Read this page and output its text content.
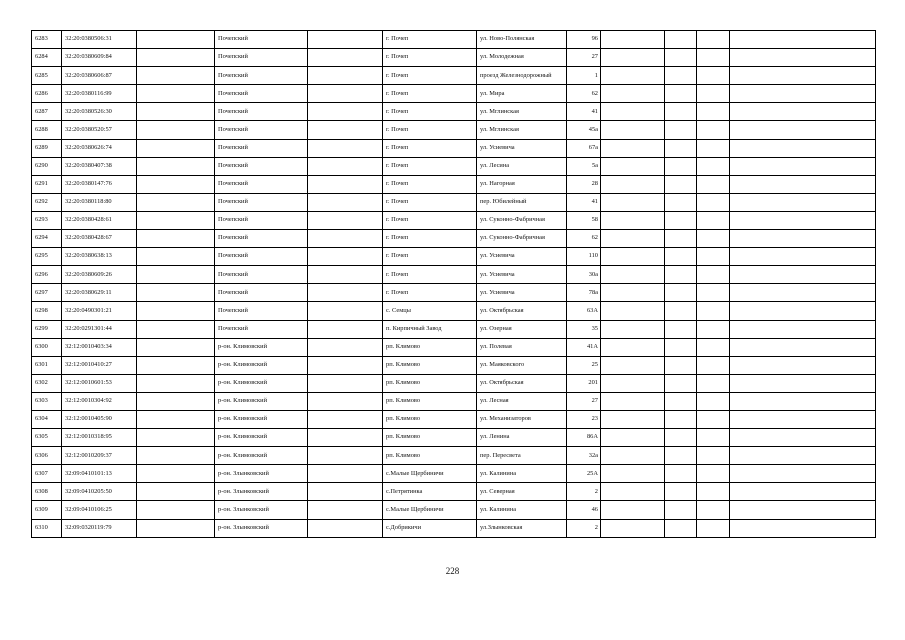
6283	32:20:0380506:31		Почепский		г. Почеп	ул. Ново-Полянская	96				
6284	32:20:0380609:84		Почепский		г. Почеп	ул. Молодежная	27				
6285	32:20:0380606:87		Почепский		г. Почеп	проезд Железнодорожный	1				
6286	32:20:0380116:99		Почепский		г. Почеп	ул. Мира	62				
6287	32:20:0380526:30		Почепский		г. Почеп	ул. Мглинская	41				
6288	32:20:0380520:57		Почепский		г. Почеп	ул. Мглинская	45а				
6289	32:20:0380626:74		Почепский		г. Почеп	ул. Усиевича	67а				
6290	32:20:0380407:38		Почепский		г. Почеп	ул. Лесина	5а				
6291	32:20:0380147:76		Почепский		г. Почеп	ул. Нагорная	28				
6292	32:20:0380118:80		Почепский		г. Почеп	пер. Юбилейный	41				
6293	32:20:0380428:61		Почепский		г. Почеп	ул. Суконно-Фабричная	58				
6294	32:20:0380428:67		Почепский		г. Почеп	ул. Суконно-Фабричная	62				
6295	32:20:0380638:13		Почепский		г. Почеп	ул. Усиевича	110				
6296	32:20:0380609:26		Почепский		г. Почеп	ул. Усиевича	30а				
6297	32:20:0380629:11		Почепский		г. Почеп	ул. Усиевича	78а				
6298	32:20:0490301:21		Почепский		с. Семцы	ул. Октябрьская	63А				
6299	32:20:0291301:44		Почепский		п. Кирпичный Завод	ул. Озерная	35				
6300	32:12:0010403:34		р-он. Климовский		рп. Климово	ул. Полевая	41А				
6301	32:12:0010410:27		р-он. Климовский		рп. Климово	ул. Маяковского	25				
6302	32:12:0010601:53		р-он. Климовский		рп. Климово	ул. Октябрьская	201				
6303	32:12:0010304:92		р-он. Климовский		рп. Климово	ул. Лесная	27				
6304	32:12:0010405:90		р-он. Климовский		рп. Климово	ул. Механизаторов	23				
6305	32:12:0010318:95		р-он. Климовский		рп. Климово	ул. Ленина	86А				
6306	32:12:0010209:37		р-он. Климовский		рп. Климово	пер. Пересвета	32а				
6307	32:09:0410101:13		р-он. Злынковский		с.Малые Щербиничи	ул. Калинина	25А				
6308	32:09:0410205:50		р-он. Злынковский		с.Петрятинка	ул. Северная	2				
6309	32:09:0410106:25		р-он. Злынковский		с.Малые Щербиничи	ул. Калинина	46				
6310	32:09:0320119:79		р-он. Злынковский		с.Добрикичи	ул.Злынковская	2				
228
